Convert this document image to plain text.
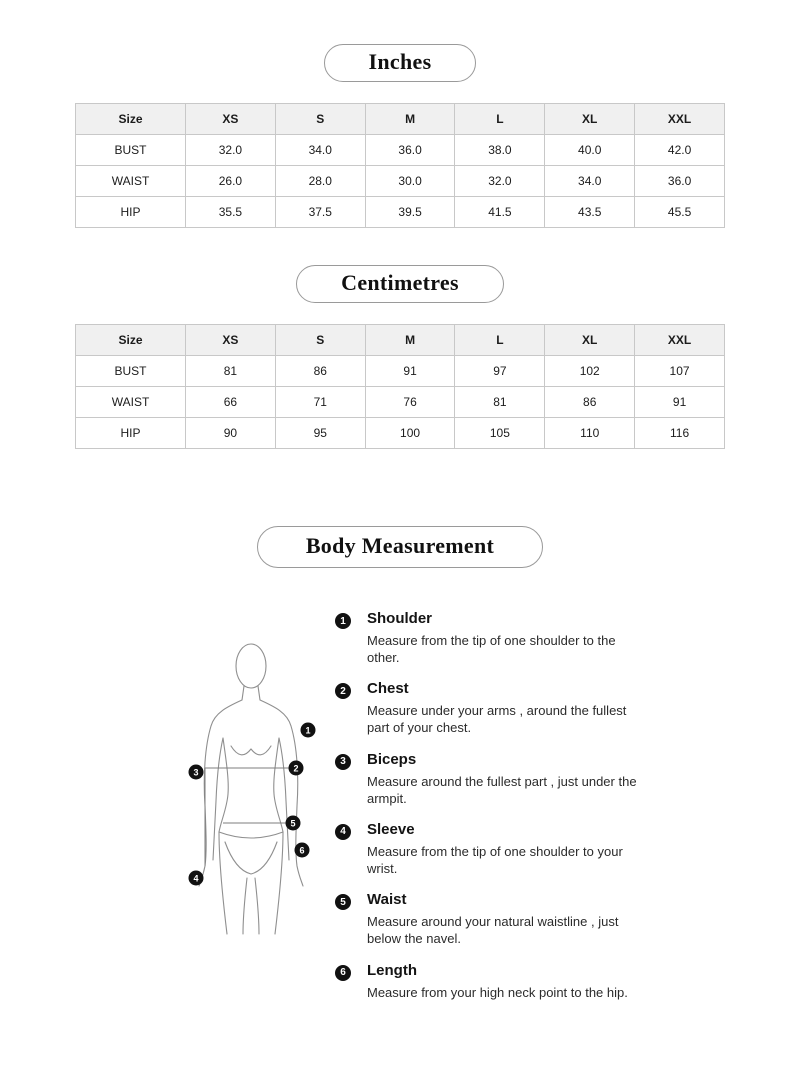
Inches
Size	XS	S	M	L	XL	XXL
BUST	32.0	34.0	36.0	38.0	40.0	42.0
WAIST	26.0	28.0	30.0	32.0	34.0	36.0
HIP	35.5	37.5	39.5	41.5	43.5	45.5
Centimetres
Size	XS	S	M	L	XL	XXL
BUST	81	86	91	97	102	107
WAIST	66	71	76	81	86	91
HIP	90	95	100	105	110	116
Body Measurement
1
2
3
4
5
6
1	Shoulder
Measure from the tip of one shoulder to the other.
2	Chest
Measure under your arms , around the fullest part of your chest.
3	Biceps
Measure around the fullest part , just under the armpit.
4	Sleeve
Measure from the tip of one shoulder to your wrist.
5	Waist
Measure around your natural waistline , just below the navel.
6	Length
Measure from your high neck point to the hip.
